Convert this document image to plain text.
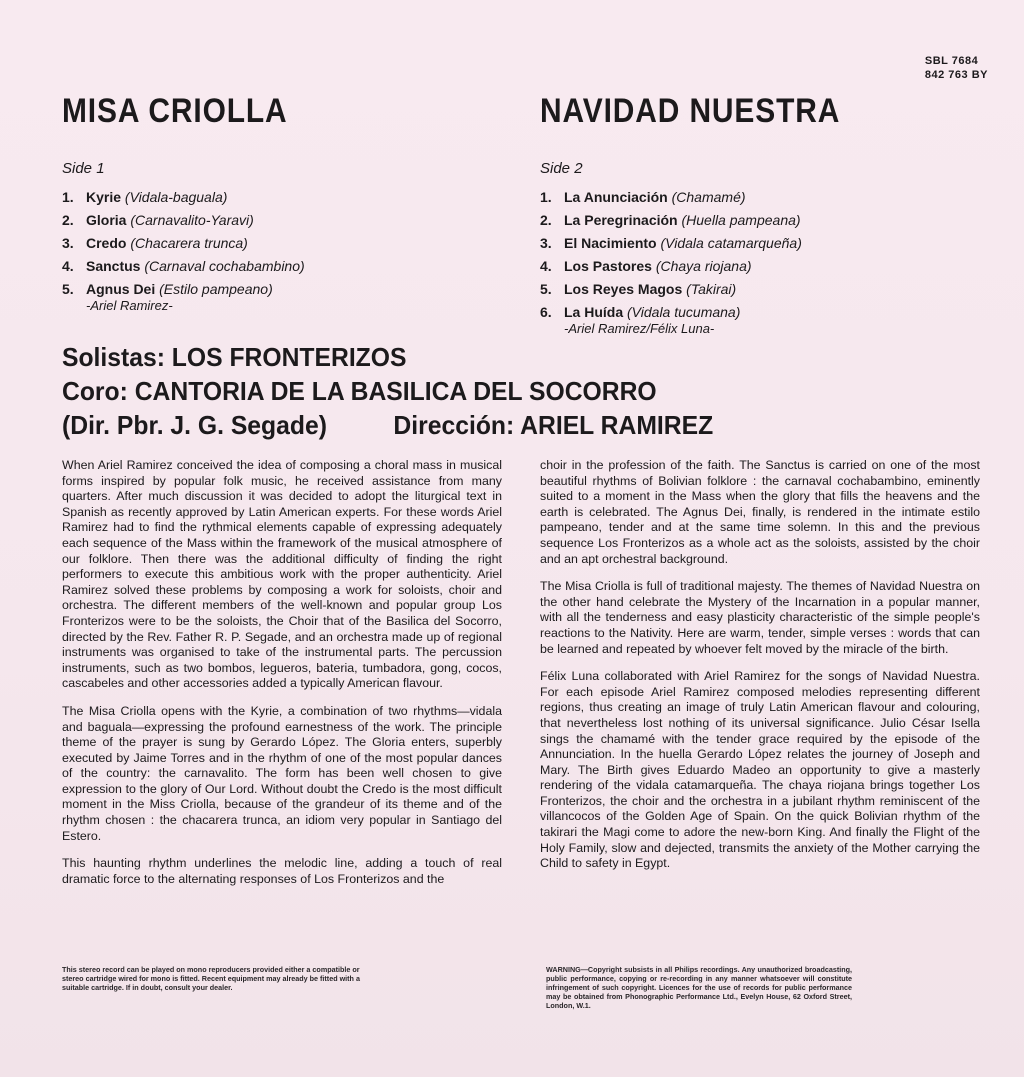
SBL 7684
842 763 BY
MISA CRIOLLA	NAVIDAD NUESTRA
Side 1
1. Kyrie (Vidala-baguala)
2. Gloria (Carnavalito-Yaravi)
3. Credo (Chacarera trunca)
4. Sanctus (Carnaval cochabambino)
5. Agnus Dei (Estilo pampeano)
-Ariel Ramirez-
Side 2
1. La Anunciación (Chamamé)
2. La Peregrinación (Huella pampeana)
3. El Nacimiento (Vidala catamarqueña)
4. Los Pastores (Chaya riojana)
5. Los Reyes Magos (Takirai)
6. La Huída (Vidala tucumana)
-Ariel Ramirez/Félix Luna-
Solistas: LOS FRONTERIZOS
Coro: CANTORIA DE LA BASILICA DEL SOCORRO
(Dir. Pbr. J. G. Segade)	Dirección: ARIEL RAMIREZ

When Ariel Ramirez conceived the idea of composing a choral mass in musical forms inspired by popular folk music, he received assistance from many quarters. After much discussion it was decided to adopt the liturgical text in Spanish as recently approved by Latin American experts. For these words Ariel Ramirez had to find the rythmical elements capable of expressing adequately each sequence of the Mass within the framework of the musical atmosphere of our folklore. Then there was the additional difficulty of finding the right performers to execute this ambitious work with the proper authenticity. Ariel Ramirez solved these problems by composing a work for soloists, choir and orchestra. The different members of the well-known and popular group Los Fronterizos were to be the soloists, the Choir that of the Basilica del Socorro, directed by the Rev. Father R. P. Segade, and an orchestra made up of regional instruments was organised to take of the instrumental parts. The percussion instruments, such as two bombos, legueros, bateria, tumbadora, gong, cocos, cascabeles and other accessories added a typically American flavour.

The Misa Criolla opens with the Kyrie, a combination of two rhythms—vidala and baguala—expressing the profound earnestness of the work. The principle theme of the prayer is sung by Gerardo López. The Gloria enters, superbly executed by Jaime Torres and in the rhythm of one of the most popular dances of the country: the carnavalito. The form has been well chosen to give expression to the glory of Our Lord. Without doubt the Credo is the most difficult moment in the Miss Criolla, because of the grandeur of its theme and of the rhythm chosen : the chacarera trunca, an idiom very popular in Santiago del Estero.

This haunting rhythm underlines the melodic line, adding a touch of real dramatic force to the alternating responses of Los Fronterizos and the

choir in the profession of the faith. The Sanctus is carried on one of the most beautiful rhythms of Bolivian folklore : the carnaval cochabambino, eminently suited to a moment in the Mass when the glory that fills the heavens and the earth is celebrated. The Agnus Dei, finally, is rendered in the intimate estilo pampeano, tender and at the same time solemn. In this and the previous sequence Los Fronterizos as a whole act as the soloists, assisted by the choir and an apt orchestral background.

The Misa Criolla is full of traditional majesty. The themes of Navidad Nuestra on the other hand celebrate the Mystery of the Incarnation in a popular manner, with all the tenderness and easy plasticity characteristic of the simple people's reactions to the Nativity. Here are warm, tender, simple verses : words that can be learned and repeated by whoever felt moved by the miracle of the birth.

Félix Luna collaborated with Ariel Ramirez for the songs of Navidad Nuestra. For each episode Ariel Ramirez composed melodies representing different regions, thus creating an image of truly Latin American flavour and colouring, that nevertheless lost nothing of its universal significance. Julio César Isella sings the chamamé with the tender grace required by the episode of the Annunciation. In the huella Gerardo López relates the journey of Joseph and Mary. The Birth gives Eduardo Madeo an opportunity to give a masterly rendering of the vidala catamarqueña. The chaya riojana brings together Los Fronterizos, the choir and the orchestra in a jubilant rhythm reminiscent of the villancocos of the Golden Age of Spain. On the quick Bolivian rhythm of the takirari the Magi come to adore the new-born King. And finally the Flight of the Holy Family, slow and dejected, transmits the anxiety of the Mother carrying the Child to safety in Egypt.

This stereo record can be played on mono reproducers provided either a compatible or stereo cartridge wired for mono is fitted. Recent equipment may already be fitted with a suitable cartridge. If in doubt, consult your dealer.
WARNING—Copyright subsists in all Philips recordings. Any unauthorized broadcasting, public performance, copying or re-recording in any manner whatsoever will constitute infringement of such copyright. Licences for the use of records for public performance may be obtained from Phonographic Performance Ltd., Evelyn House, 62 Oxford Street, London, W.1.
